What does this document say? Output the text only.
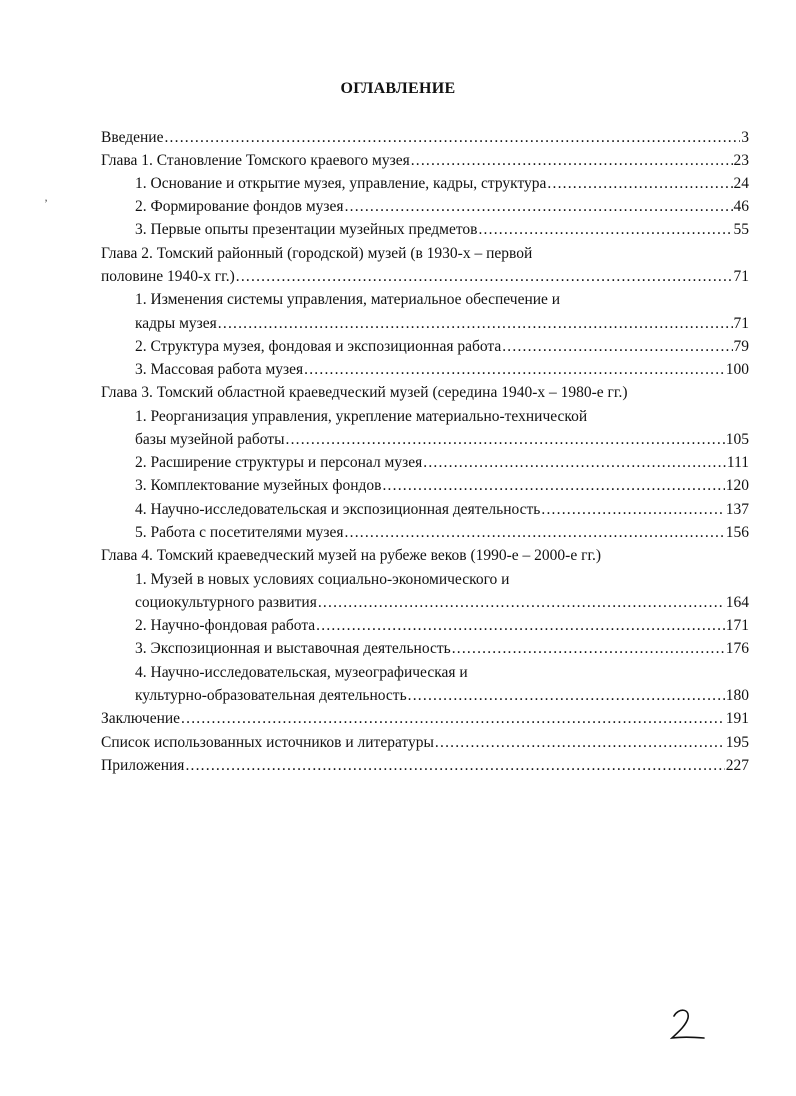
ОГЛАВЛЕНИЕ
’
Введение .....	3
Глава 1. Становление Томского краевого музея .....	23
1. Основание и открытие музея, управление, кадры, структура .....	24
2. Формирование фондов музея .....	46
3. Первые опыты презентации музейных предметов .....	55
Глава 2. Томский районный (городской) музей (в 1930-х – первой
половине 1940-х гг.) .....	71
1. Изменения системы управления, материальное обеспечение и
кадры музея .....	71
2. Структура музея, фондовая и экспозиционная работа .....	79
3. Массовая работа музея .....	100
Глава 3. Томский областной краеведческий музей (середина 1940-х – 1980-е гг.)
1. Реорганизация управления, укрепление материально-технической
базы музейной работы .....	105
2. Расширение структуры и персонал музея .....	111
3. Комплектование музейных фондов .....	120
4. Научно-исследовательская и экспозиционная деятельность .....	137
5. Работа с посетителями музея .....	156
Глава 4. Томский краеведческий музей на рубеже веков (1990-е – 2000-е гг.)
1. Музей в новых условиях социально-экономического и
социокультурного развития .....	164
2. Научно-фондовая работа .....	171
3. Экспозиционная и выставочная деятельность .....	176
4. Научно-исследовательская, музеографическая и
культурно-образовательная деятельность .....	180
Заключение .....	191
Список использованных источников и литературы .....	195
Приложения .....	227
